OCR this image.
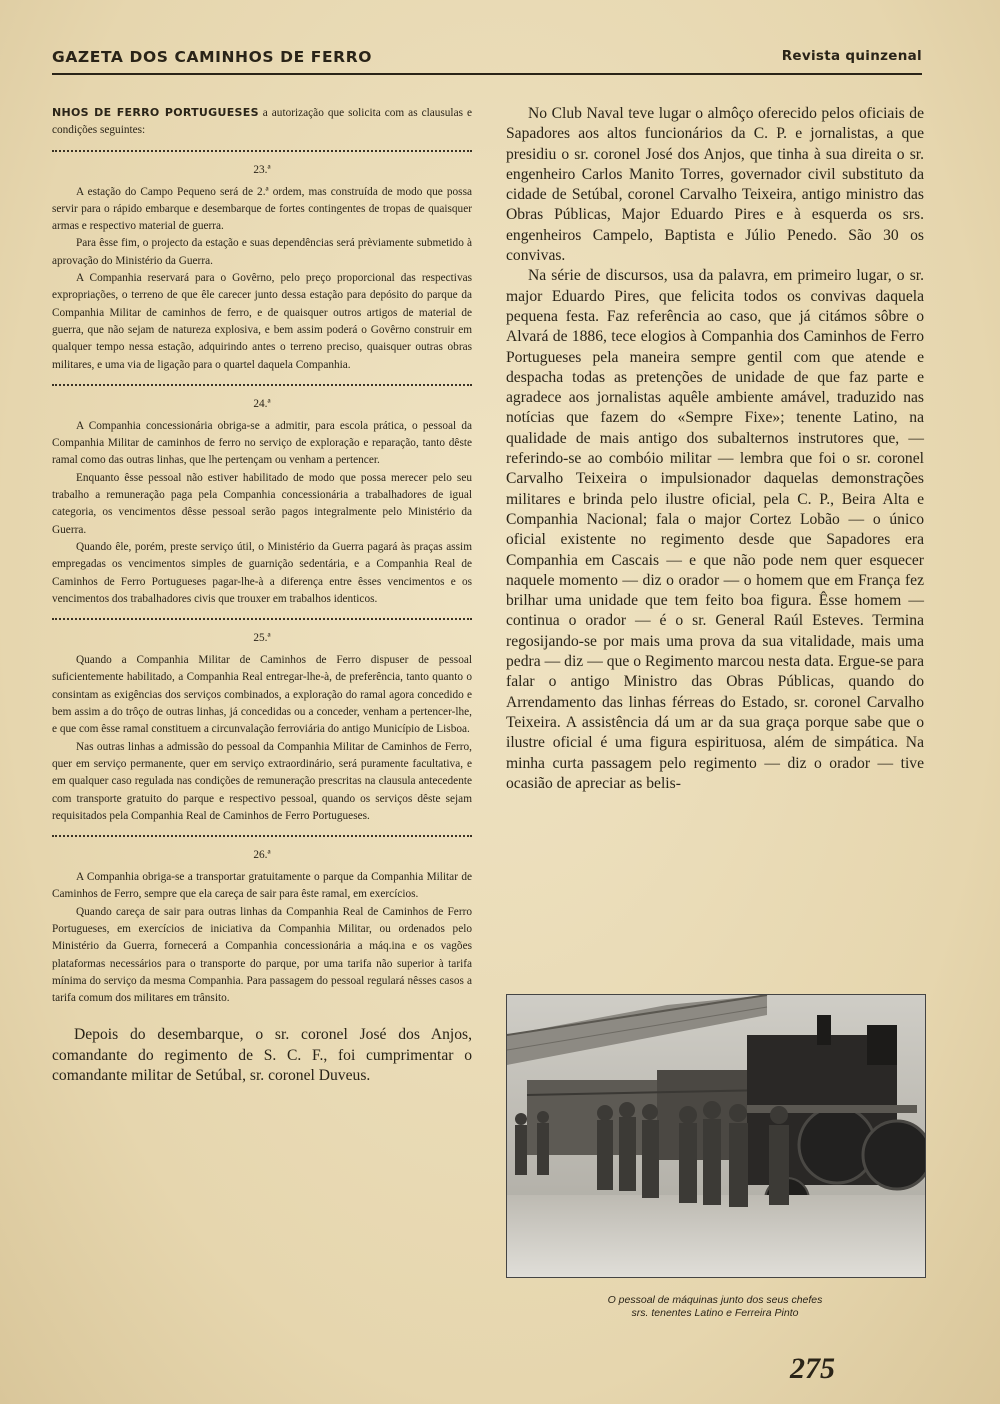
GAZETA DOS CAMINHOS DE FERRO	Revista quinzenal

NHOS DE FERRO PORTUGUESES a autorização que solicita com as clausulas e condições seguintes:

23.ª

A estação do Campo Pequeno será de 2.ª ordem, mas construída de modo que possa servir para o rápido embarque e desembarque de fortes contingentes de tropas de quaisquer armas e respectivo material de guerra.

Para êsse fim, o projecto da estação e suas dependências será prèviamente submetido à aprovação do Ministério da Guerra.

A Companhia reservará para o Govêrno, pelo preço proporcional das respectivas expropriações, o terreno de que êle carecer junto dessa estação para depósito do parque da Companhia Militar de caminhos de ferro, e de quaisquer outros artigos de material de guerra, que não sejam de natureza explosiva, e bem assim poderá o Govêrno construir em qualquer tempo nessa estação, adquirindo antes o terreno preciso, quaisquer outras obras militares, e uma via de ligação para o quartel daquela Companhia.

24.ª

A Companhia concessionária obriga-se a admitir, para escola prática, o pessoal da Companhia Militar de caminhos de ferro no serviço de exploração e reparação, tanto dêste ramal como das outras linhas, que lhe pertençam ou venham a pertencer.

Enquanto êsse pessoal não estiver habilitado de modo que possa merecer pelo seu trabalho a remuneração paga pela Companhia concessionária a trabalhadores de igual categoria, os vencimentos dêsse pessoal serão pagos integralmente pelo Ministério da Guerra.

Quando êle, porém, preste serviço útil, o Ministério da Guerra pagará às praças assim empregadas os vencimentos simples de guarnição sedentária, e a Companhia Real de Caminhos de Ferro Portugueses pagar-lhe-à a diferença entre êsses vencimentos e os vencimentos dos trabalhadores civis que trouxer em trabalhos identicos.

25.ª

Quando a Companhia Militar de Caminhos de Ferro dispuser de pessoal suficientemente habilitado, a Companhia Real entregar-lhe-à, de preferência, tanto quanto o consintam as exigências dos serviços combinados, a exploração do ramal agora concedido e bem assim a do trôço de outras linhas, já concedidas ou a conceder, venham a pertencer-lhe, e que com êsse ramal constituem a circunvalação ferroviária do antigo Município de Lisboa.

Nas outras linhas a admissão do pessoal da Companhia Militar de Caminhos de Ferro, quer em serviço permanente, quer em serviço extraordinário, será puramente facultativa, e em qualquer caso regulada nas condições de remuneração prescritas na clausula antecedente com transporte gratuito do parque e respectivo pessoal, quando os serviços dêste sejam requisitados pela Companhia Real de Caminhos de Ferro Portugueses.

26.ª

A Companhia obriga-se a transportar gratuitamente o parque da Companhia Militar de Caminhos de Ferro, sempre que ela careça de sair para êste ramal, em exercícios.

Quando careça de sair para outras linhas da Companhia Real de Caminhos de Ferro Portugueses, em exercícios de iniciativa da Companhia Militar, ou ordenados pelo Ministério da Guerra, fornecerá a Companhia concessionária a máq.ina e os vagões plataformas necessários para o transporte do parque, por uma tarifa não superior à tarifa mínima do serviço da mesma Companhia. Para passagem do pessoal regulará nêsses casos a tarifa comum dos militares em trânsito.

Depois do desembarque, o sr. coronel José dos Anjos, comandante do regimento de S. C. F., foi cumprimentar o comandante militar de Setúbal, sr. coronel Duveus.

No Club Naval teve lugar o almôço oferecido pelos oficiais de Sapadores aos altos funcionários da C. P. e jornalistas, a que presidiu o sr. coronel José dos Anjos, que tinha à sua direita o sr. engenheiro Carlos Manito Torres, governador civil substituto da cidade de Setúbal, coronel Carvalho Teixeira, antigo ministro das Obras Públicas, Major Eduardo Pires e à esquerda os srs. engenheiros Campelo, Baptista e Júlio Penedo. São 30 os convivas.

Na série de discursos, usa da palavra, em primeiro lugar, o sr. major Eduardo Pires, que felicita todos os convivas daquela pequena festa. Faz referência ao caso, que já citámos sôbre o Alvará de 1886, tece elogios à Companhia dos Caminhos de Ferro Portugueses pela maneira sempre gentil com que atende e despacha todas as pretenções de unidade de que faz parte e agradece aos jornalistas aquêle ambiente amável, traduzido nas notícias que fazem do «Sempre Fixe»; tenente Latino, na qualidade de mais antigo dos subalternos instrutores que, — referindo-se ao combóio militar — lembra que foi o sr. coronel Carvalho Teixeira o impulsionador daquelas demonstrações militares e brinda pelo ilustre oficial, pela C. P., Beira Alta e Companhia Nacional; fala o major Cortez Lobão — o único oficial existente no regimento desde que Sapadores era Companhia em Cascais — e que não pode nem quer esquecer naquele momento — diz o orador — o homem que em França fez brilhar uma unidade que tem feito boa figura. Êsse homem — continua o orador — é o sr. General Raúl Esteves. Termina regosijando-se por mais uma prova da sua vitalidade, mais uma pedra — diz — que o Regimento marcou nesta data. Ergue-se para falar o antigo Ministro das Obras Públicas, quando do Arrendamento das linhas férreas do Estado, sr. coronel Carvalho Teixeira. A assistência dá um ar da sua graça porque sabe que o ilustre oficial é uma figura espirituosa, além de simpática. Na minha curta passagem pelo regimento — diz o orador — tive ocasião de apreciar as belis-

O pessoal de máquinas junto dos seus chefes
srs. tenentes Latino e Ferreira Pinto
275
